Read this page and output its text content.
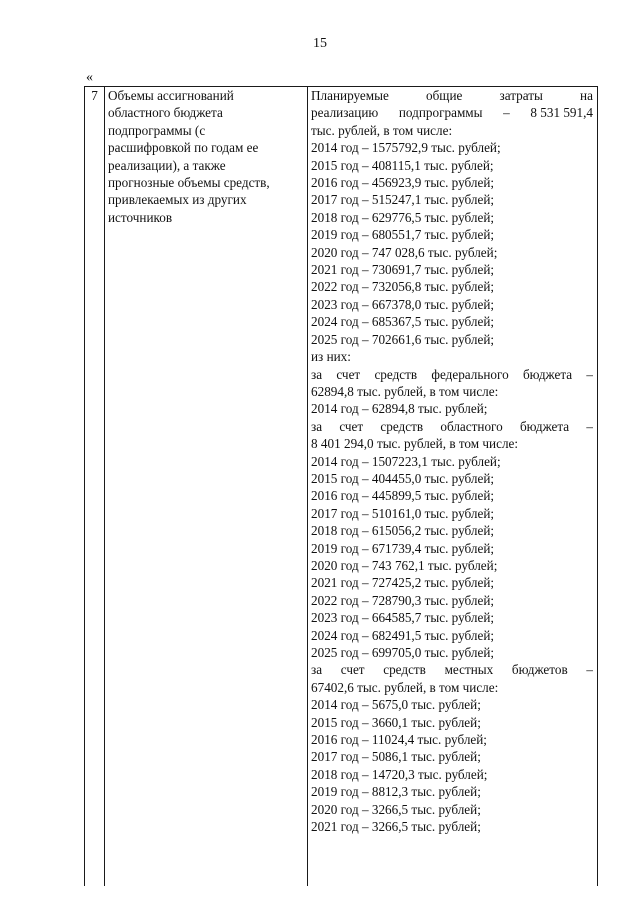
15
«
7	Объемы ассигнований
областного бюджета
подпрограммы (с
расшифровкой по годам ее
реализации), а также
прогнозные объемы средств,
привлекаемых из других
источников

Планируемые	общие	затраты	на
реализацию подпрограммы – 8 531 591,4
тыс. рублей, в том числе:
2014 год – 1575792,9 тыс. рублей;
2015 год – 408115,1 тыс. рублей;
2016 год – 456923,9 тыс. рублей;
2017 год – 515247,1 тыс. рублей;
2018 год – 629776,5 тыс. рублей;
2019 год – 680551,7 тыс. рублей;
2020 год – 747 028,6 тыс. рублей;
2021 год – 730691,7 тыс. рублей;
2022 год – 732056,8 тыс. рублей;
2023 год – 667378,0 тыс. рублей;
2024 год – 685367,5 тыс. рублей;
2025 год – 702661,6 тыс. рублей;
из них:
за счет средств федерального бюджета –
62894,8 тыс. рублей, в том числе:
2014 год – 62894,8 тыс. рублей;
за счет средств областного бюджета –
8 401 294,0 тыс. рублей, в том числе:
2014 год – 1507223,1 тыс. рублей;
2015 год – 404455,0 тыс. рублей;
2016 год – 445899,5 тыс. рублей;
2017 год – 510161,0 тыс. рублей;
2018 год – 615056,2 тыс. рублей;
2019 год – 671739,4 тыс. рублей;
2020 год – 743 762,1 тыс. рублей;
2021 год – 727425,2 тыс. рублей;
2022 год – 728790,3 тыс. рублей;
2023 год – 664585,7 тыс. рублей;
2024 год – 682491,5 тыс. рублей;
2025 год – 699705,0 тыс. рублей;
за счет средств местных бюджетов –
67402,6 тыс. рублей, в том числе:
2014 год – 5675,0 тыс. рублей;
2015 год – 3660,1 тыс. рублей;
2016 год – 11024,4 тыс. рублей;
2017 год – 5086,1 тыс. рублей;
2018 год – 14720,3 тыс. рублей;
2019 год – 8812,3 тыс. рублей;
2020 год – 3266,5 тыс. рублей;
2021 год – 3266,5 тыс. рублей;
